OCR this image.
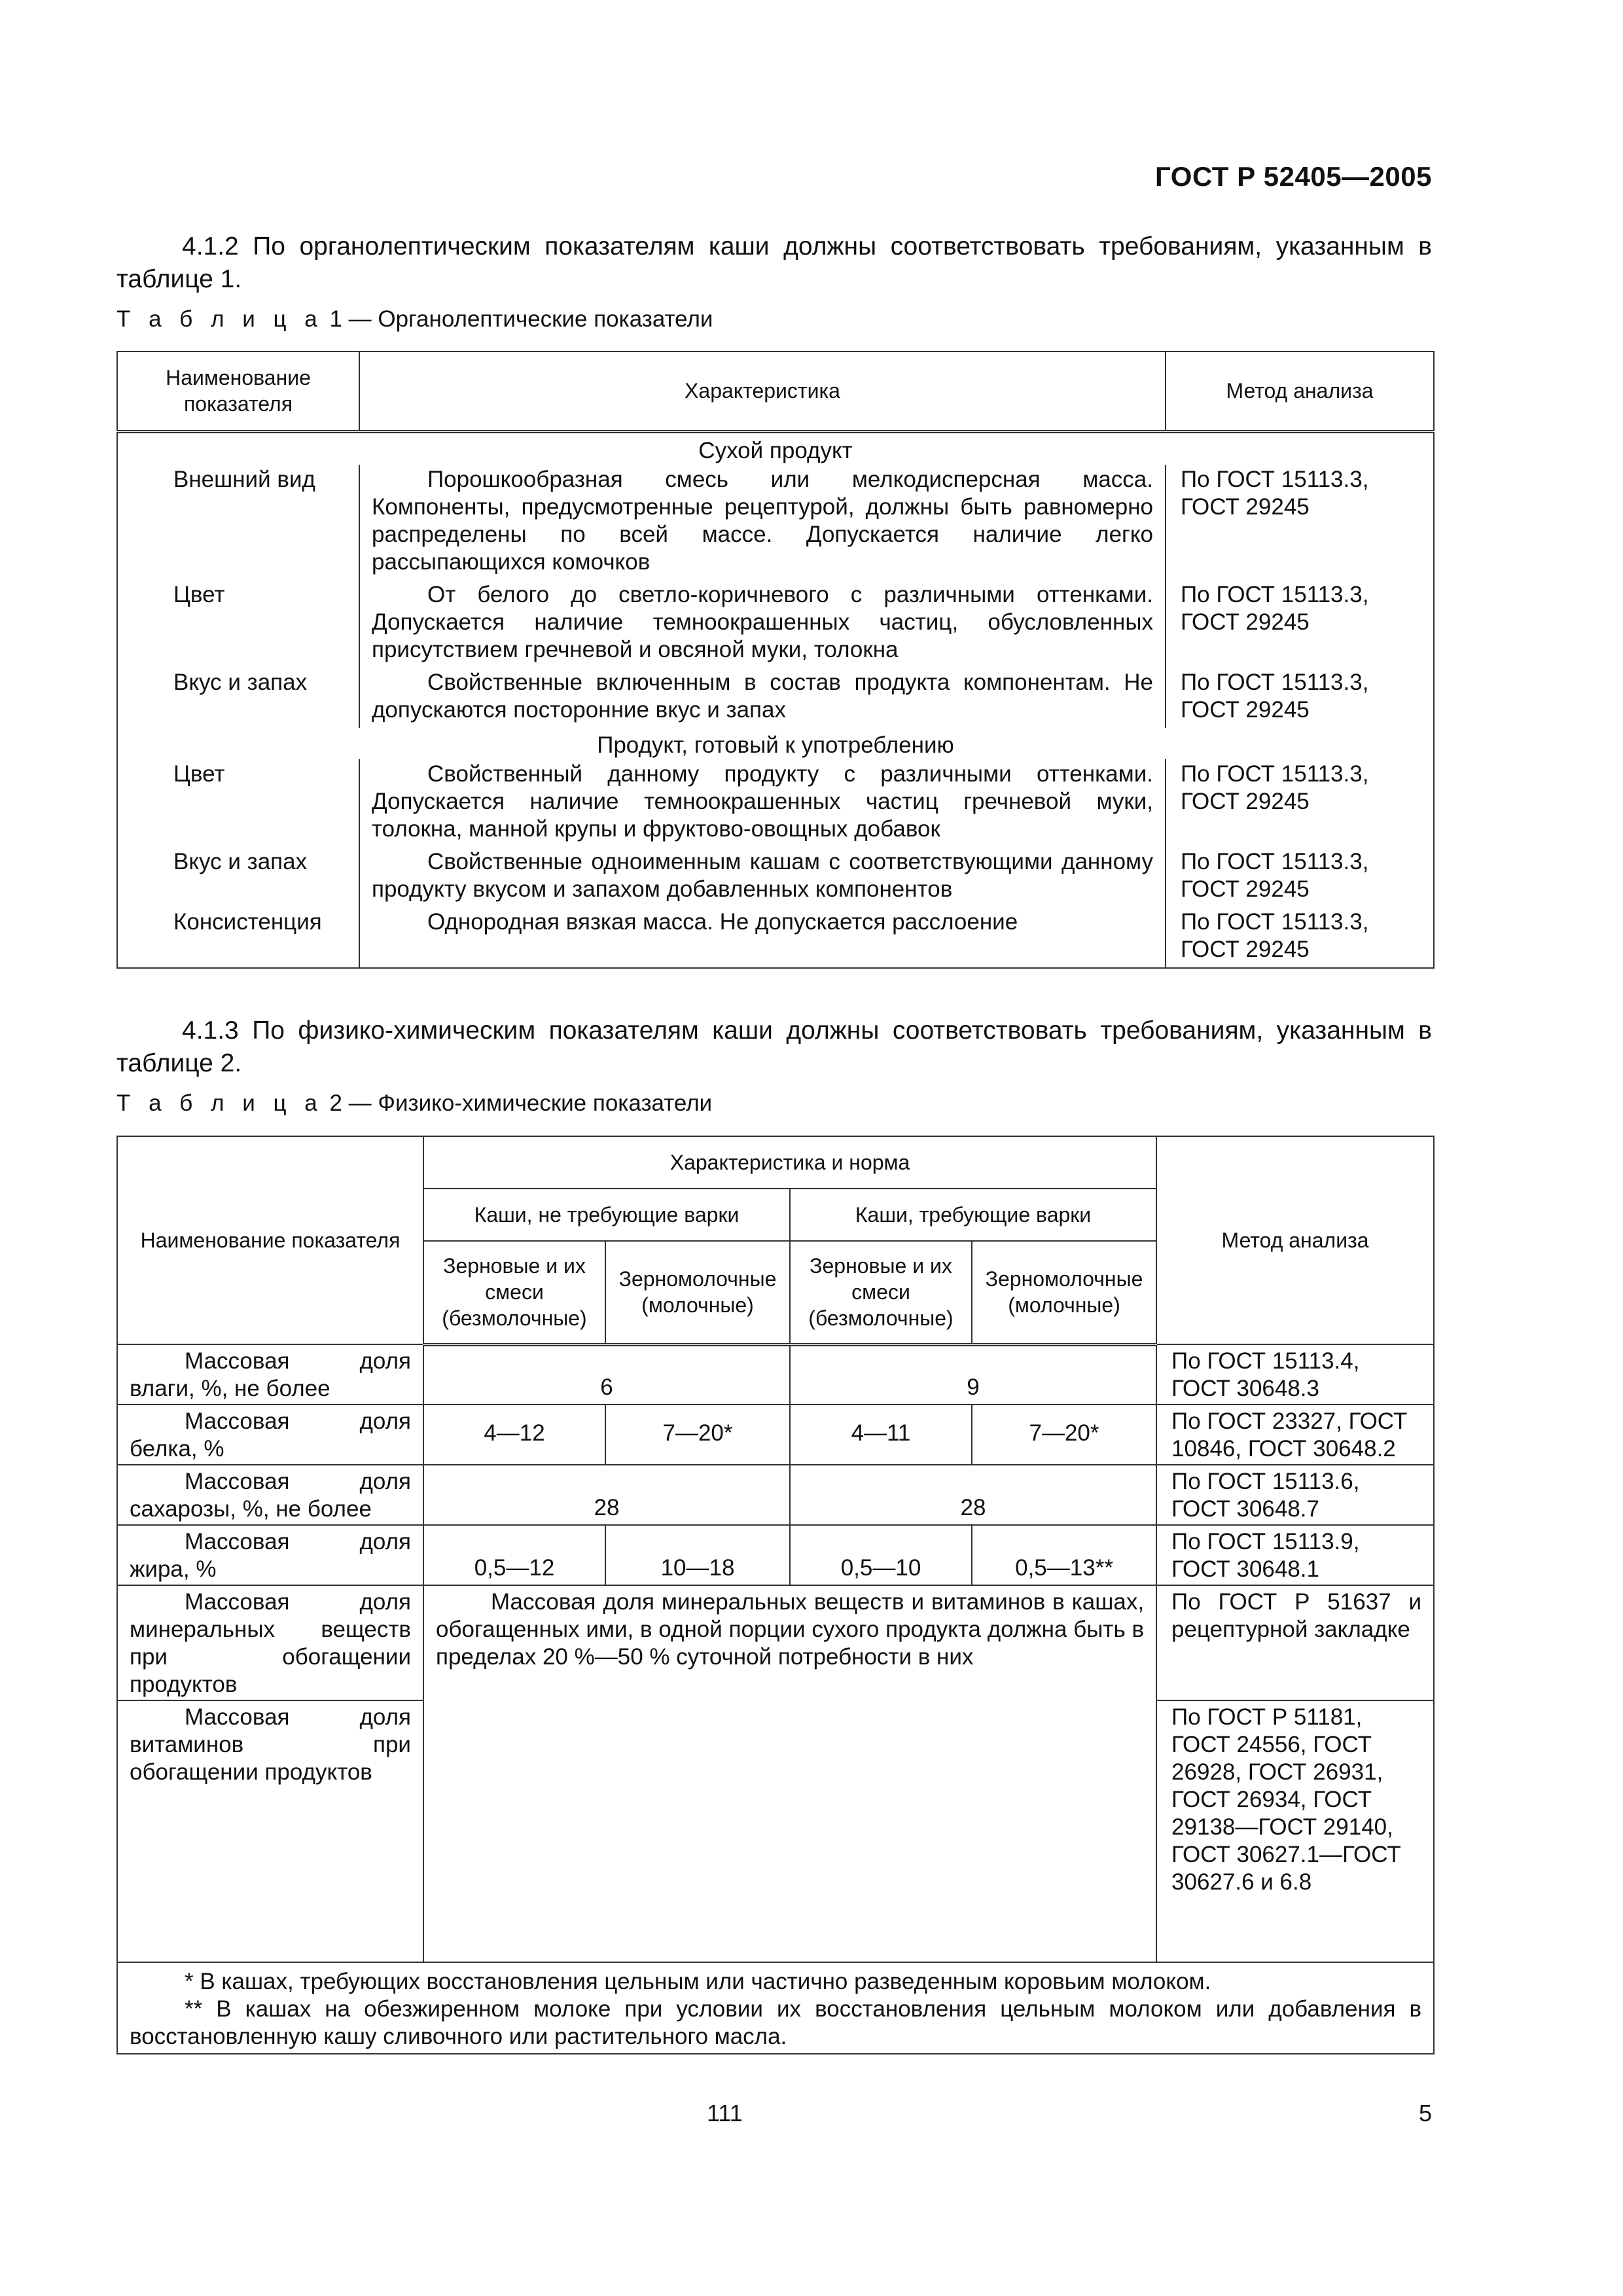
ГОСТ Р 52405—2005

4.1.2 По органолептическим показателям каши должны соответствовать требованиям, указанным в таблице 1.

Т а б л и ц а 1 — Органолептические показатели
Наименование показателя	Характеристика	Метод анализа
Сухой продукт		
Внешний вид	Порошкообразная смесь или мелкодисперсная масса. Компоненты, предусмотренные рецептурой, должны быть равномерно распределены по всей массе. Допускается наличие легко рассыпающихся комочков	По ГОСТ 15113.3, ГОСТ 29245
Цвет	От белого до светло-коричневого с различными оттенками. Допускается наличие темноокрашенных частиц, обусловленных присутствием гречневой и овсяной муки, толокна	По ГОСТ 15113.3, ГОСТ 29245
Вкус и запах	Свойственные включенным в состав продукта компонентам. Не допускаются посторонние вкус и запах	По ГОСТ 15113.3, ГОСТ 29245
Продукт, готовый к употреблению		
Цвет	Свойственный данному продукту с различными оттенками. Допускается наличие темноокрашенных частиц гречневой муки, толокна, манной крупы и фруктово-овощных добавок	По ГОСТ 15113.3, ГОСТ 29245
Вкус и запах	Свойственные одноименным кашам с соответствующими данному продукту вкусом и запахом добавленных компонентов	По ГОСТ 15113.3, ГОСТ 29245
Консистенция	Однородная вязкая масса. Не допускается расслоение	По ГОСТ 15113.3, ГОСТ 29245

4.1.3 По физико-химическим показателям каши должны соответствовать требованиям, указанным в таблице 2.

Т а б л и ц а 2 — Физико-химические показатели
Наименование показателя	Характеристика и норма				Метод анализа
	Каши, не требующие варки		Каши, требующие варки		
	Зерновые и их смеси (безмолочные)	Зерномолочные (молочные)	Зерновые и их смеси (безмолочные)	Зерномолочные (молочные)	
Массовая доля влаги, %, не более	6		9		По ГОСТ 15113.4, ГОСТ 30648.3
Массовая доля белка, %	4—12	7—20*	4—11	7—20*	По ГОСТ 23327, ГОСТ 10846, ГОСТ 30648.2
Массовая доля сахарозы, %, не более	28		28		По ГОСТ 15113.6, ГОСТ 30648.7
Массовая доля жира, %	0,5—12	10—18	0,5—10	0,5—13**	По ГОСТ 15113.9, ГОСТ 30648.1
Массовая доля минеральных веществ при обогащении продуктов	Массовая доля минеральных веществ и витаминов в кашах, обогащенных ими, в одной порции сухого продукта должна быть в пределах 20 %—50 % суточной потребности в них				По ГОСТ Р 51637 и рецептурной закладке
Массовая доля витаминов при обогащении продуктов					По ГОСТ Р 51181, ГОСТ 24556, ГОСТ 26928, ГОСТ 26931, ГОСТ 26934, ГОСТ 29138—ГОСТ 29140, ГОСТ 30627.1—ГОСТ 30627.6 и 6.8

* В кашах, требующих восстановления цельным или частично разведенным коровьим молоком.

** В кашах на обезжиренном молоке при условии их восстановления цельным молоком или добавления в восстановленную кашу сливочного или растительного масла.					

111	5
